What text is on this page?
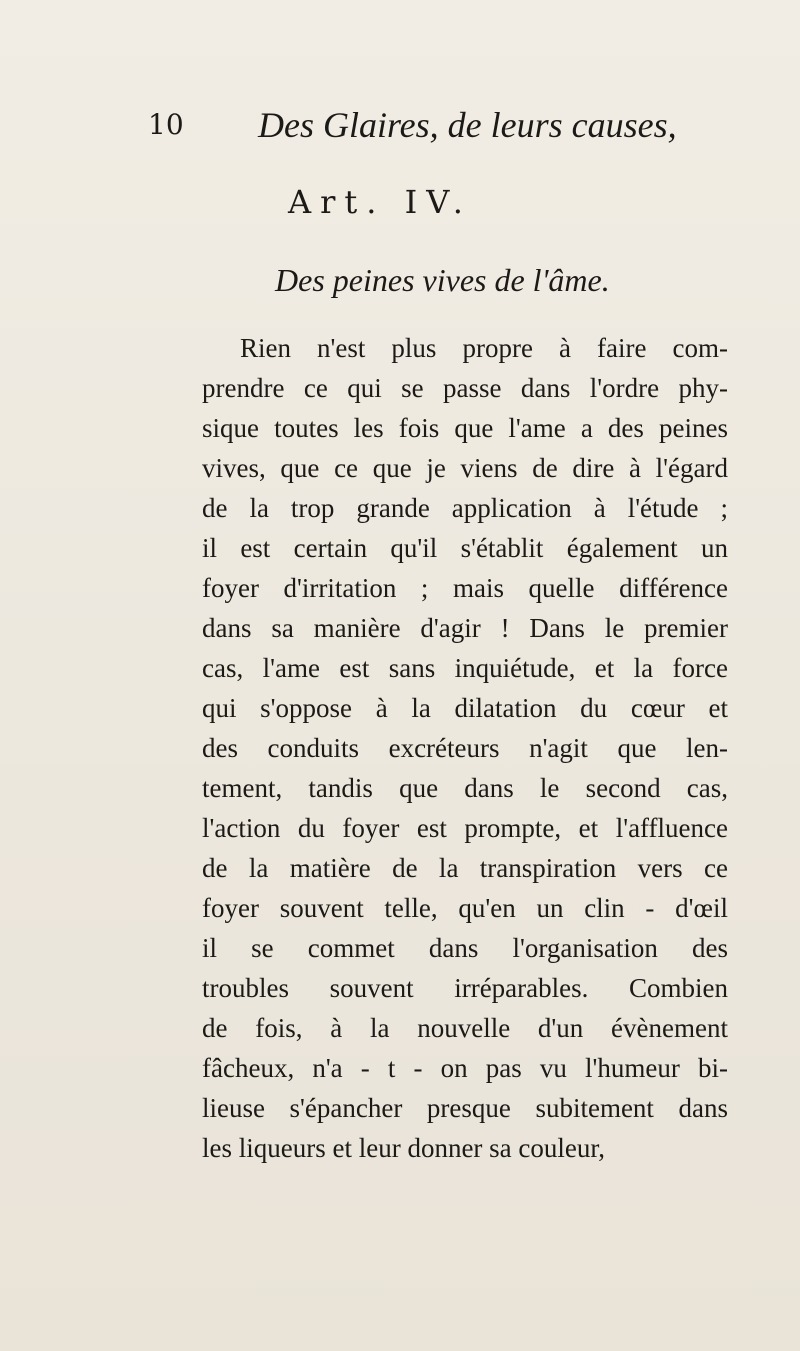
10 Des Glaires, de leurs causes,
Art. IV.
Des peines vives de l'âme.
Rien n'est plus propre à faire com-
prendre ce qui se passe dans l'ordre phy-
sique toutes les fois que l'ame a des peines
vives, que ce que je viens de dire à l'égard
de la trop grande application à l'étude ;
il est certain qu'il s'établit également un
foyer d'irritation ; mais quelle différence
dans sa manière d'agir ! Dans le premier
cas, l'ame est sans inquiétude, et la force
qui s'oppose à la dilatation du cœur et
des conduits excréteurs n'agit que len-
tement, tandis que dans le second cas,
l'action du foyer est prompte, et l'affluence
de la matière de la transpiration vers ce
foyer souvent telle, qu'en un clin - d'œil
il se commet dans l'organisation des
troubles souvent irréparables. Combien
de fois, à la nouvelle d'un évènement
fâcheux, n'a - t - on pas vu l'humeur bi-
lieuse s'épancher presque subitement dans
les liqueurs et leur donner sa couleur,
